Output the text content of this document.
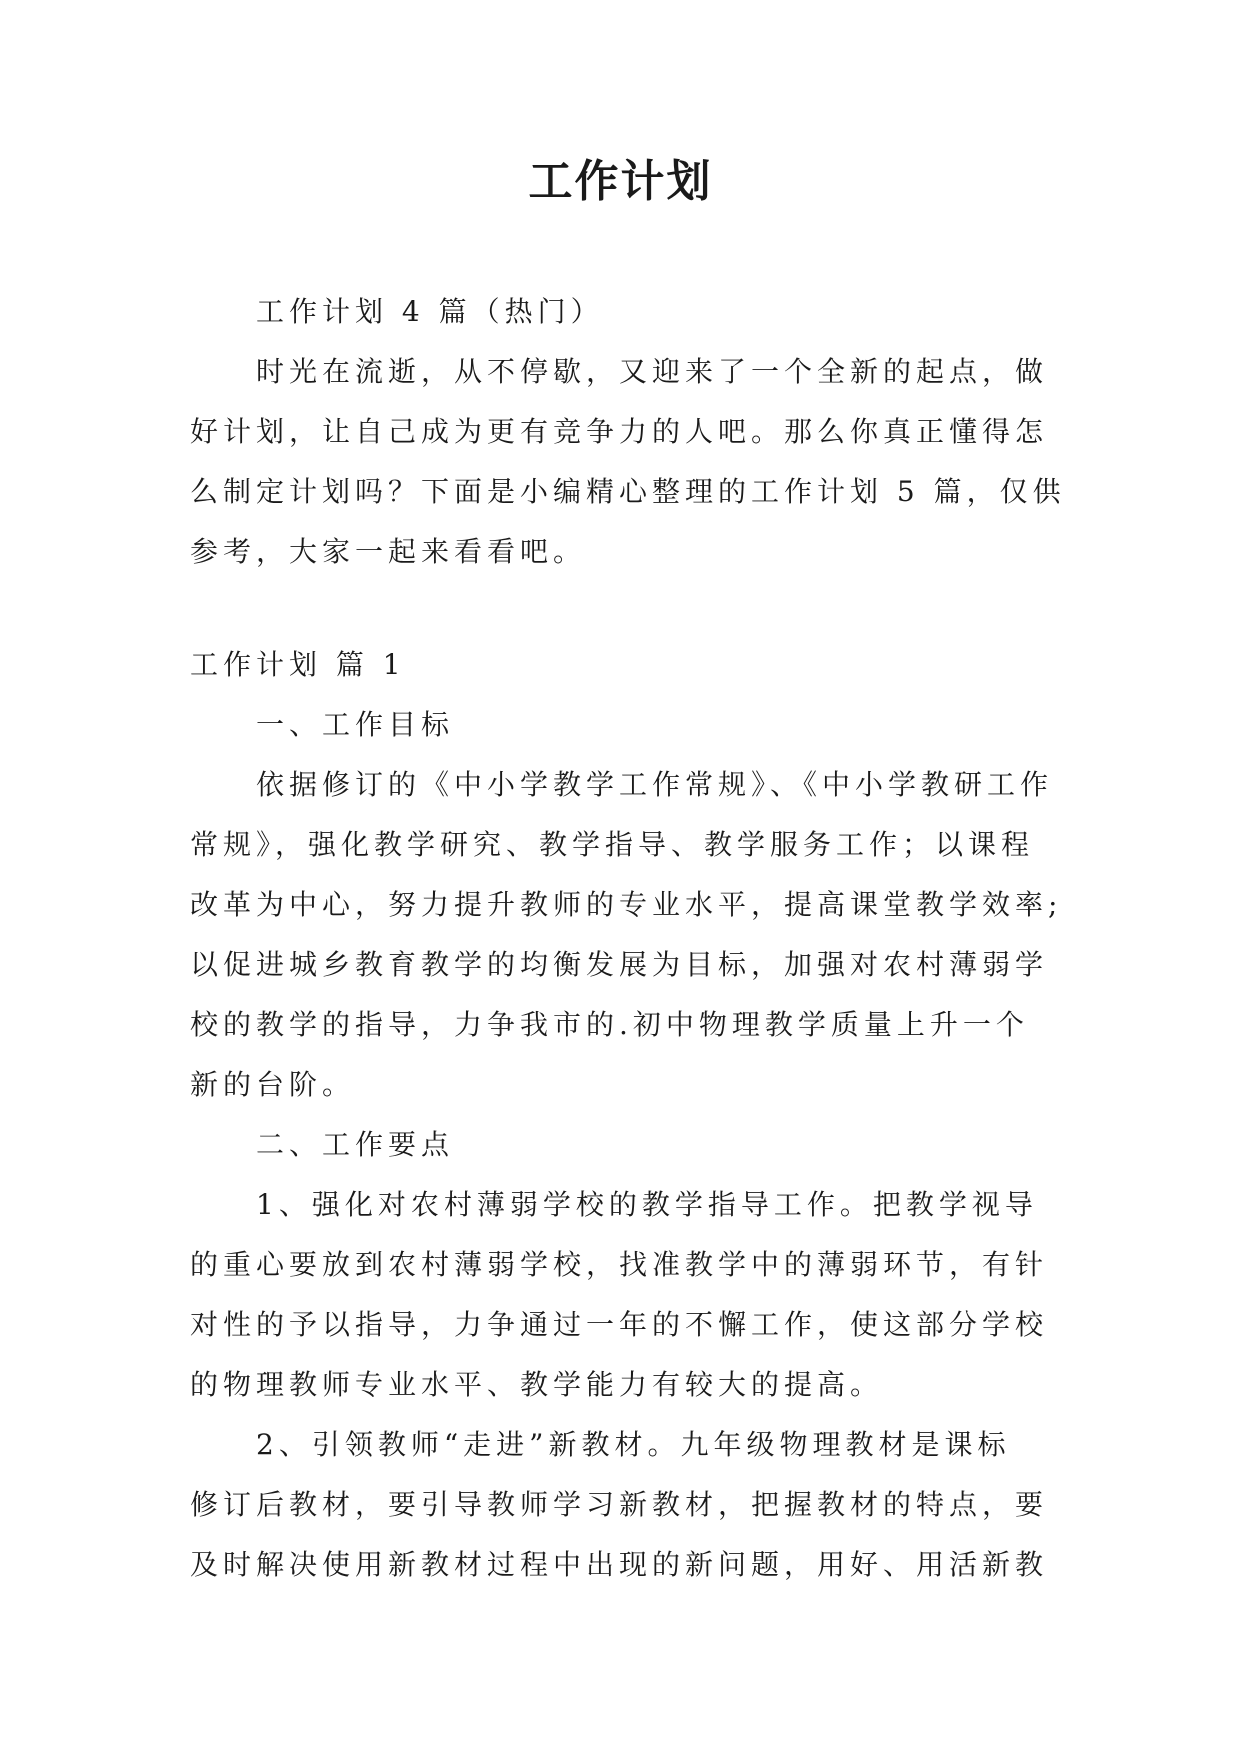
工作计划
工作计划 4 篇（热门）
时光在流逝，从不停歇，又迎来了一个全新的起点，做
好计划，让自己成为更有竞争力的人吧。那么你真正懂得怎
么制定计划吗？下面是小编精心整理的工作计划 5 篇，仅供
参考，大家一起来看看吧。
工作计划 篇 1
一、工作目标
依据修订的《中小学教学工作常规》、《中小学教研工作
常规》，强化教学研究、教学指导、教学服务工作；以课程
改革为中心，努力提升教师的专业水平，提高课堂教学效率;
以促进城乡教育教学的均衡发展为目标，加强对农村薄弱学
校的教学的指导，力争我市的.初中物理教学质量上升一个
新的台阶。
二、工作要点
1、强化对农村薄弱学校的教学指导工作。把教学视导
的重心要放到农村薄弱学校，找准教学中的薄弱环节，有针
对性的予以指导，力争通过一年的不懈工作，使这部分学校
的物理教师专业水平、教学能力有较大的提高。
2、引领教师“走进”新教材。九年级物理教材是课标
修订后教材，要引导教师学习新教材，把握教材的特点，要
及时解决使用新教材过程中出现的新问题，用好、用活新教
